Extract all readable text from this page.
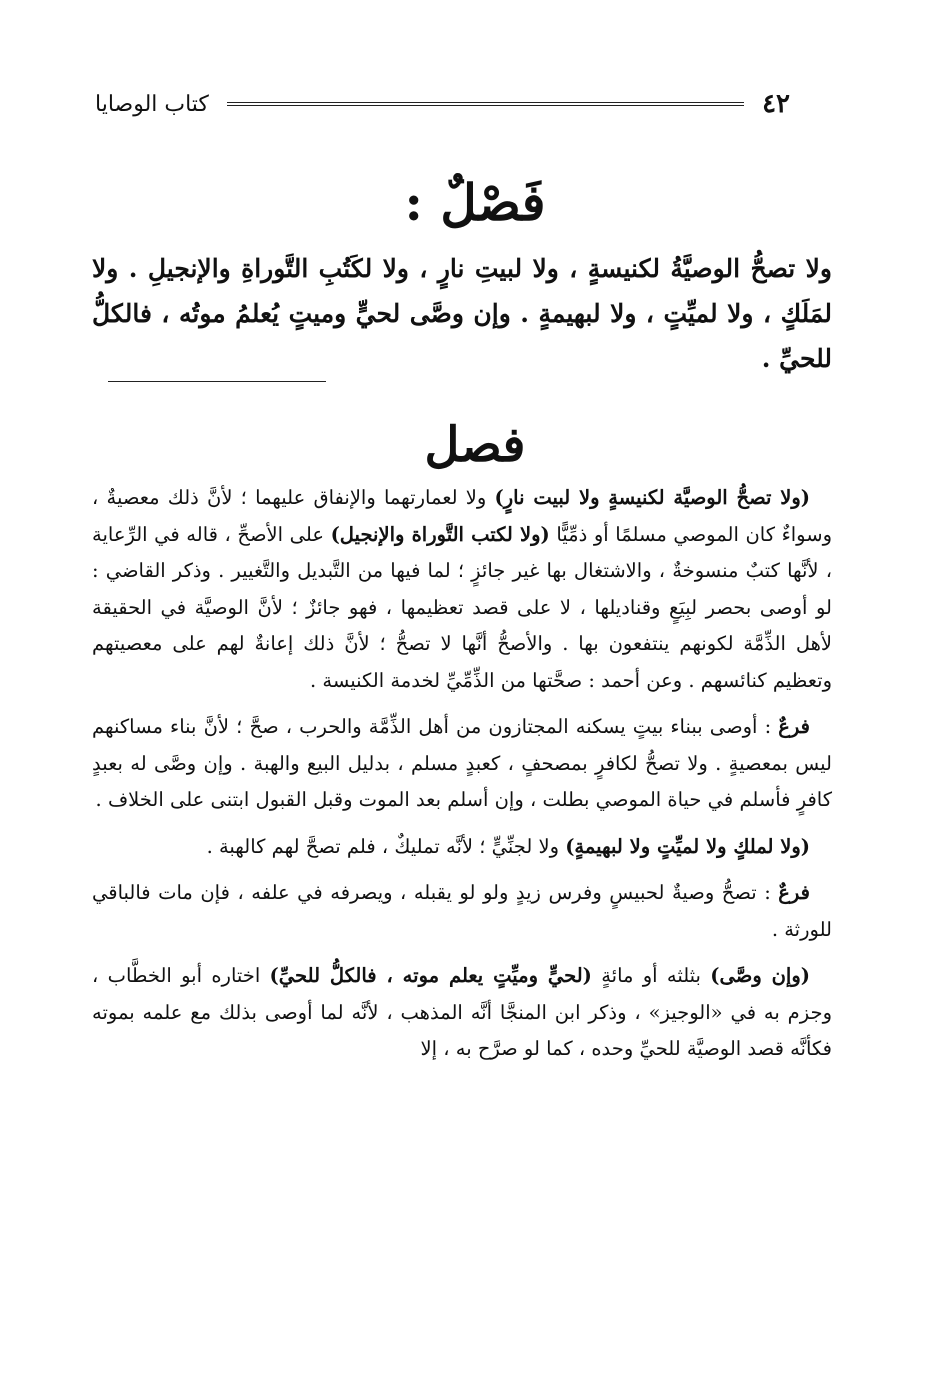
٤٢
كتاب الوصايا
فَصْلٌ :
ولا تصحُّ الوصيَّةُ لكنيسةٍ ، ولا لبيتِ نارٍ ، ولا لكَتُبِ التَّوراةِ والإنجيلِ . ولا لمَلَكٍ ، ولا لميِّتٍ ، ولا لبهيمةٍ . وإن وصَّى لحيٍّ وميتٍ يُعلمُ موتُه ، فالكلُّ للحيِّ .
فصل

(ولا تصحُّ الوصيَّة لكنيسةٍ ولا لبيت نارٍ) ولا لعمارتهما والإنفاق عليهما ؛ لأنَّ ذلك معصيةٌ ، وسواءٌ كان الموصي مسلمًا أو ذمِّيًّا (ولا لكتب التَّوراة والإنجيل) على الأصحِّ ، قاله في الرِّعاية ، لأنَّها كتبٌ منسوخةٌ ، والاشتغال بها غير جائزٍ ؛ لما فيها من التَّبديل والتَّغيير . وذكر القاضي : لو أوصى بحصر لبِيَعٍ وقناديلها ، لا على قصد تعظيمها ، فهو جائزٌ ؛ لأنَّ الوصيَّة في الحقيقة لأهل الذِّمَّة لكونهم ينتفعون بها . والأصحُّ أنَّها لا تصحُّ ؛ لأنَّ ذلك إعانةٌ لهم على معصيتهم وتعظيم كنائسهم . وعن أحمد : صحَّتها من الذِّمِّيِّ لخدمة الكنيسة .

فرعٌ : أوصى ببناء بيتٍ يسكنه المجتازون من أهل الذِّمَّة والحرب ، صحَّ ؛ لأنَّ بناء مساكنهم ليس بمعصيةٍ . ولا تصحُّ لكافرٍ بمصحفٍ ، كعبدٍ مسلم ، بدليل البيع والهبة . وإن وصَّى له بعبدٍ كافرٍ فأسلم في حياة الموصي بطلت ، وإن أسلم بعد الموت وقبل القبول ابتنى على الخلاف .

(ولا لملكٍ ولا لميِّتٍ ولا لبهيمةٍ) ولا لجنِّيٍّ ؛ لأنَّه تمليكٌ ، فلم تصحَّ لهم كالهبة .

فرعٌ : تصحُّ وصيةٌ لحبيسٍ وفرس زيدٍ ولو لو يقبله ، ويصرفه في علفه ، فإن مات فالباقي للورثة .

(وإن وصَّى) بثلثه أو مائةٍ (لحيٍّ وميِّتٍ يعلم موته ، فالكلُّ للحيِّ) اختاره أبو الخطَّاب ، وجزم به في «الوجيز» ، وذكر ابن المنجَّا أنَّه المذهب ، لأنَّه لما أوصى بذلك مع علمه بموته فكأنَّه قصد الوصيَّة للحيِّ وحده ، كما لو صرَّح به ، إلا
